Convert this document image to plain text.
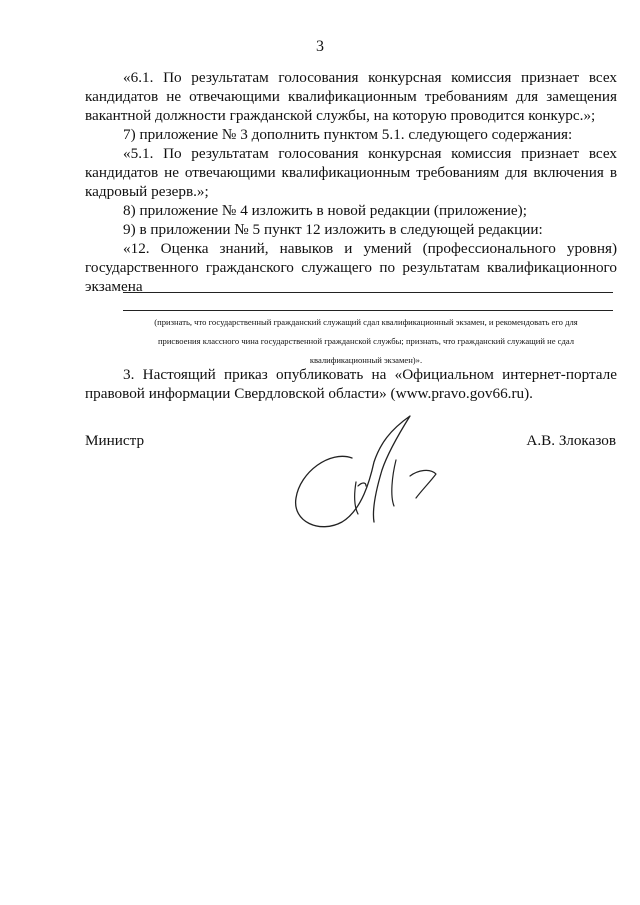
3

«6.1. По результатам голосования конкурсная комиссия признает всех кандидатов не отвечающими квалификационным требованиям для замещения вакантной должности гражданской службы, на которую проводится конкурс.»;

7) приложение № 3 дополнить пунктом 5.1. следующего содержания:

«5.1. По результатам голосования конкурсная комиссия признает всех кандидатов не отвечающими квалификационным требованиям для включения в кадровый резерв.»;

8) приложение № 4 изложить в новой редакции (приложение);

9) в приложении № 5 пункт 12 изложить в следующей редакции:

«12. Оценка знаний, навыков и умений (профессионального уровня) государственного гражданского служащего по результатам квалификационного экзамена

(признать, что государственный гражданский служащий сдал квалификационный экзамен, и рекомендовать его для
присвоения классного чина государственной гражданской службы; признать, что гражданский служащий не сдал
квалификационный экзамен)».

3. Настоящий приказ опубликовать на «Официальном интернет-портале правовой информации Свердловской области» (www.pravo.gov66.ru).

Министр	А.В. Злоказов
